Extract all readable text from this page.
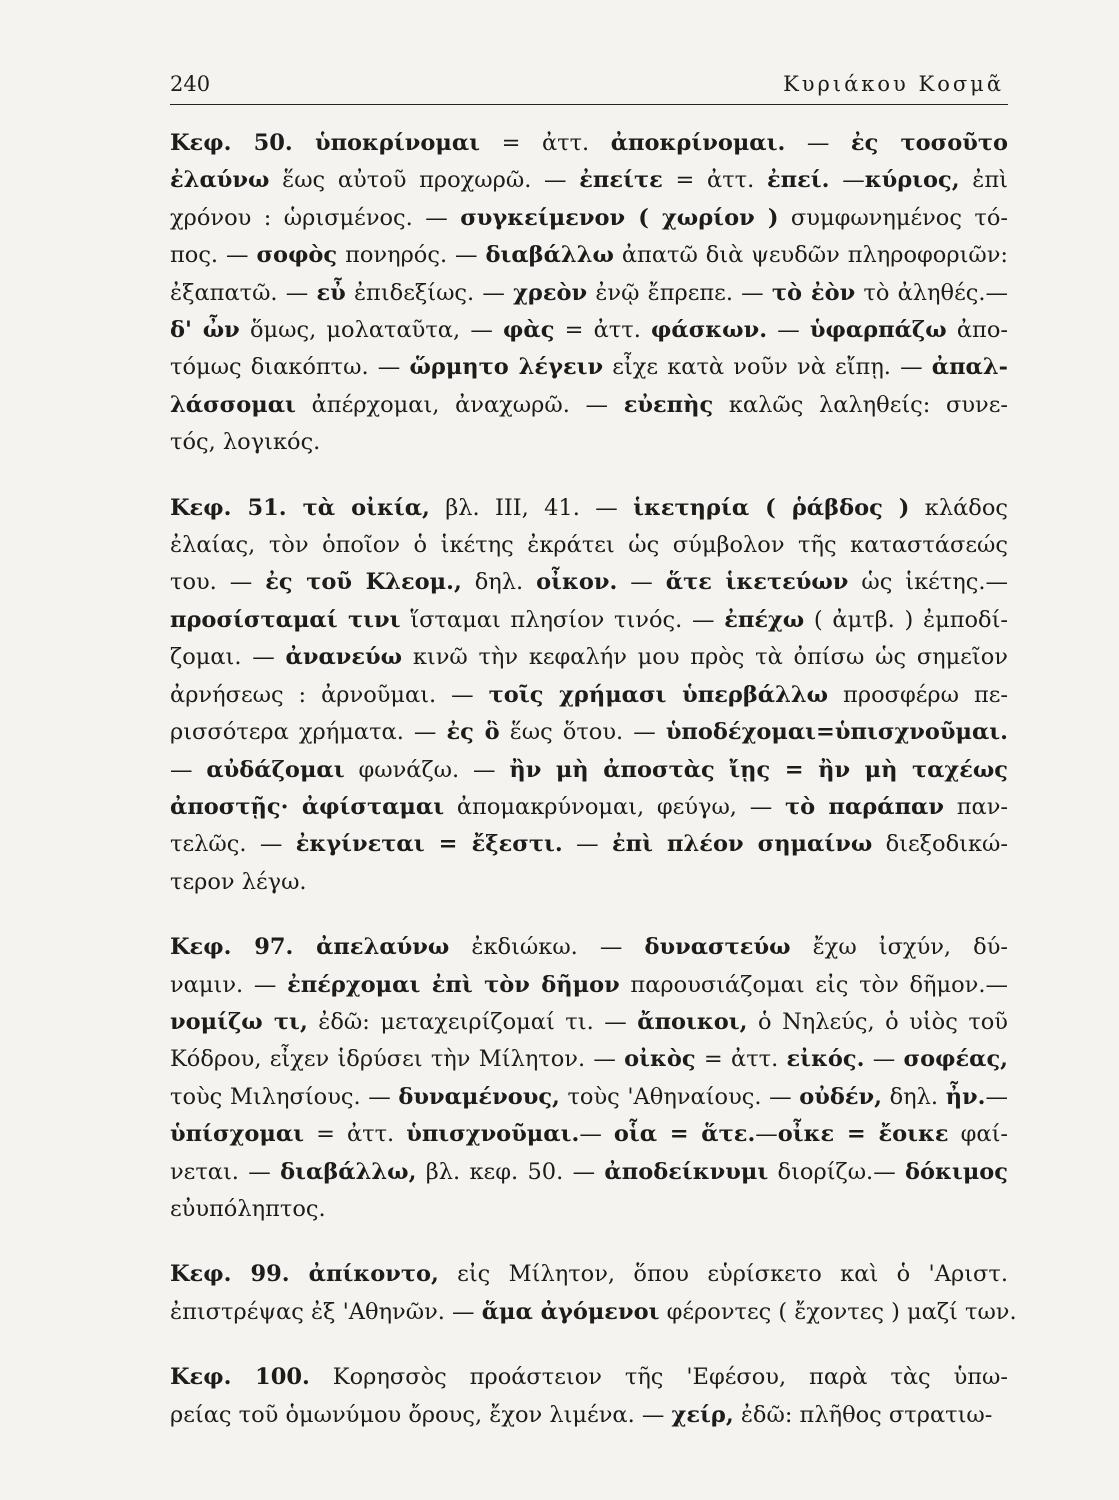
240	Κυριάκου Κοσμᾶ
Κεφ. 50. ὑποκρίνομαι = ἀττ. ἀποκρίνομαι. — ἐς τοσοῦτο
ἐλαύνω ἕως αὐτοῦ προχωρῶ. — ἐπείτε = ἀττ. ἐπεί. —κύριος, ἐπὶ
χρόνου : ὡρισμένος. — συγκείμενον ( χωρίον ) συμφωνημένος τό-
πος. — σοφὸς πονηρός. — διαβάλλω ἀπατῶ διὰ ψευδῶν πληροφοριῶν:
ἐξαπατῶ. — εὖ ἐπιδεξίως. — χρεὸν ἐνῷ ἔπρεπε. — τὸ ἐὸν τὸ ἀληθές.—
δ' ὦν ὅμως, μολαταῦτα, — φὰς = ἀττ. φάσκων. — ὑφαρπάζω ἀπο-
τόμως διακόπτω. — ὥρμητο λέγειν εἶχε κατὰ νοῦν νὰ εἴπῃ. — ἀπαλ-
λάσσομαι ἀπέρχομαι, ἀναχωρῶ. — εὐεπὴς καλῶς λαληθείς: συνε-
τός, λογικός.
Κεφ. 51. τὰ οἰκία, βλ. III, 41. — ἱκετηρία ( ῥάβδος ) κλάδος
ἐλαίας, τὸν ὁποῖον ὁ ἱκέτης ἐκράτει ὡς σύμβολον τῆς καταστάσεώς
του. — ἐς τοῦ Κλεομ., δηλ. οἶκον. — ἅτε ἱκετεύων ὡς ἱκέτης.—
προσίσταμαί τινι ἵσταμαι πλησίον τινός. — ἐπέχω ( ἀμτβ. ) ἐμποδί-
ζομαι. — ἀνανεύω κινῶ τὴν κεφαλήν μου πρὸς τὰ ὀπίσω ὡς σημεῖον
ἀρνήσεως : ἀρνοῦμαι. — τοῖς χρήμασι ὑπερβάλλω προσφέρω πε-
ρισσότερα χρήματα. — ἐς ὃ ἕως ὅτου. — ὑποδέχομαι=ὑπισχνοῦμαι.
— αὐδάζομαι φωνάζω. — ἢν μὴ ἀποστὰς ἴῃς = ἢν μὴ ταχέως
ἀποστῇς· ἀφίσταμαι ἀπομακρύνομαι, φεύγω, — τὸ παράπαν παν-
τελῶς. — ἐκγίνεται = ἔξεστι. — ἐπὶ πλέον σημαίνω διεξοδικώ-
τερον λέγω.
Κεφ. 97. ἀπελαύνω ἐκδιώκω. — δυναστεύω ἔχω ἰσχύν, δύ-
ναμιν. — ἐπέρχομαι ἐπὶ τὸν δῆμον παρουσιάζομαι εἰς τὸν δῆμον.—
νομίζω τι, ἐδῶ: μεταχειρίζομαί τι. — ἄποικοι, ὁ Νηλεύς, ὁ υἱὸς τοῦ
Κόδρου, εἶχεν ἱδρύσει τὴν Μίλητον. — οἰκὸς = ἀττ. εἰκός. — σοφέας,
τοὺς Μιλησίους. — δυναμένους, τοὺς 'Αθηναίους. — οὐδέν, δηλ. ἦν.—
ὑπίσχομαι = ἀττ. ὑπισχνοῦμαι.— οἷα = ἅτε.—οἶκε = ἔοικε φαί-
νεται. — διαβάλλω, βλ. κεφ. 50. — ἀποδείκνυμι διορίζω.— δόκιμος
εὐυπόληπτος.
Κεφ. 99. ἀπίκοντο, εἰς Μίλητον, ὅπου εὑρίσκετο καὶ ὁ 'Αριστ.
ἐπιστρέψας ἐξ 'Αθηνῶν. — ἅμα ἀγόμενοι φέροντες ( ἔχοντες ) μαζί των.
Κεφ. 100. Κορησσὸς προάστειον τῆς 'Εφέσου, παρὰ τὰς ὑπω-
ρείας τοῦ ὁμωνύμου ὄρους, ἔχον λιμένα. — χείρ, ἐδῶ: πλῆθος στρατιω-
